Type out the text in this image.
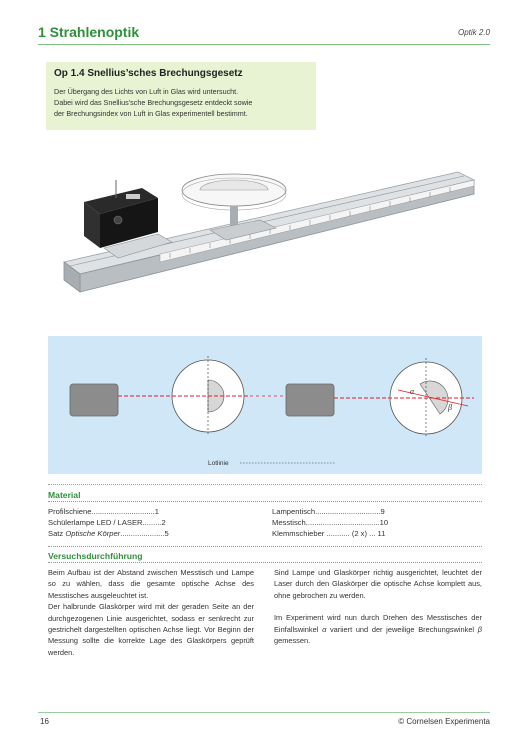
1 Strahlenoptik	Optik 2.0
Op 1.4 Snellius’sches Brechungsgesetz
Der Übergang des Lichts von Luft in Glas wird untersucht.
Dabei wird das Snellius’sche Brechungsgesetz entdeckt sowie
der Brechungsindex von Luft in Glas experimentell bestimmt.
α
β
Lotlinie
Material
Profilschiene..............................1
Schülerlampe LED / LASER.........2
Satz Optische Körper.....................5
Lampentisch...............................9
Messtisch...................................10
Klemmschieber ........... (2 x) ... 11
Versuchsdurchführung
Beim Aufbau ist der Abstand zwischen Messtisch und Lampe so zu wählen, dass die gesamte optische Achse des Messtisches ausgeleuchtet ist.
Der halbrunde Glaskörper wird mit der geraden Seite an der durchgezogenen Linie ausgerichtet, sodass er senkrecht zur gestrichelt dargestellten optischen Achse liegt. Vor Beginn der Messung sollte die korrekte Lage des Glaskörpers geprüft werden.
Sind Lampe und Glaskörper richtig ausgerichtet, leuchtet der Laser durch den Glaskörper die optische Achse komplett aus, ohne gebrochen zu werden.
Im Experiment wird nun durch Drehen des Messtisches der Einfallswinkel α variiert und der jeweilige Brechungswinkel β gemessen.
16	© Cornelsen Experimenta
